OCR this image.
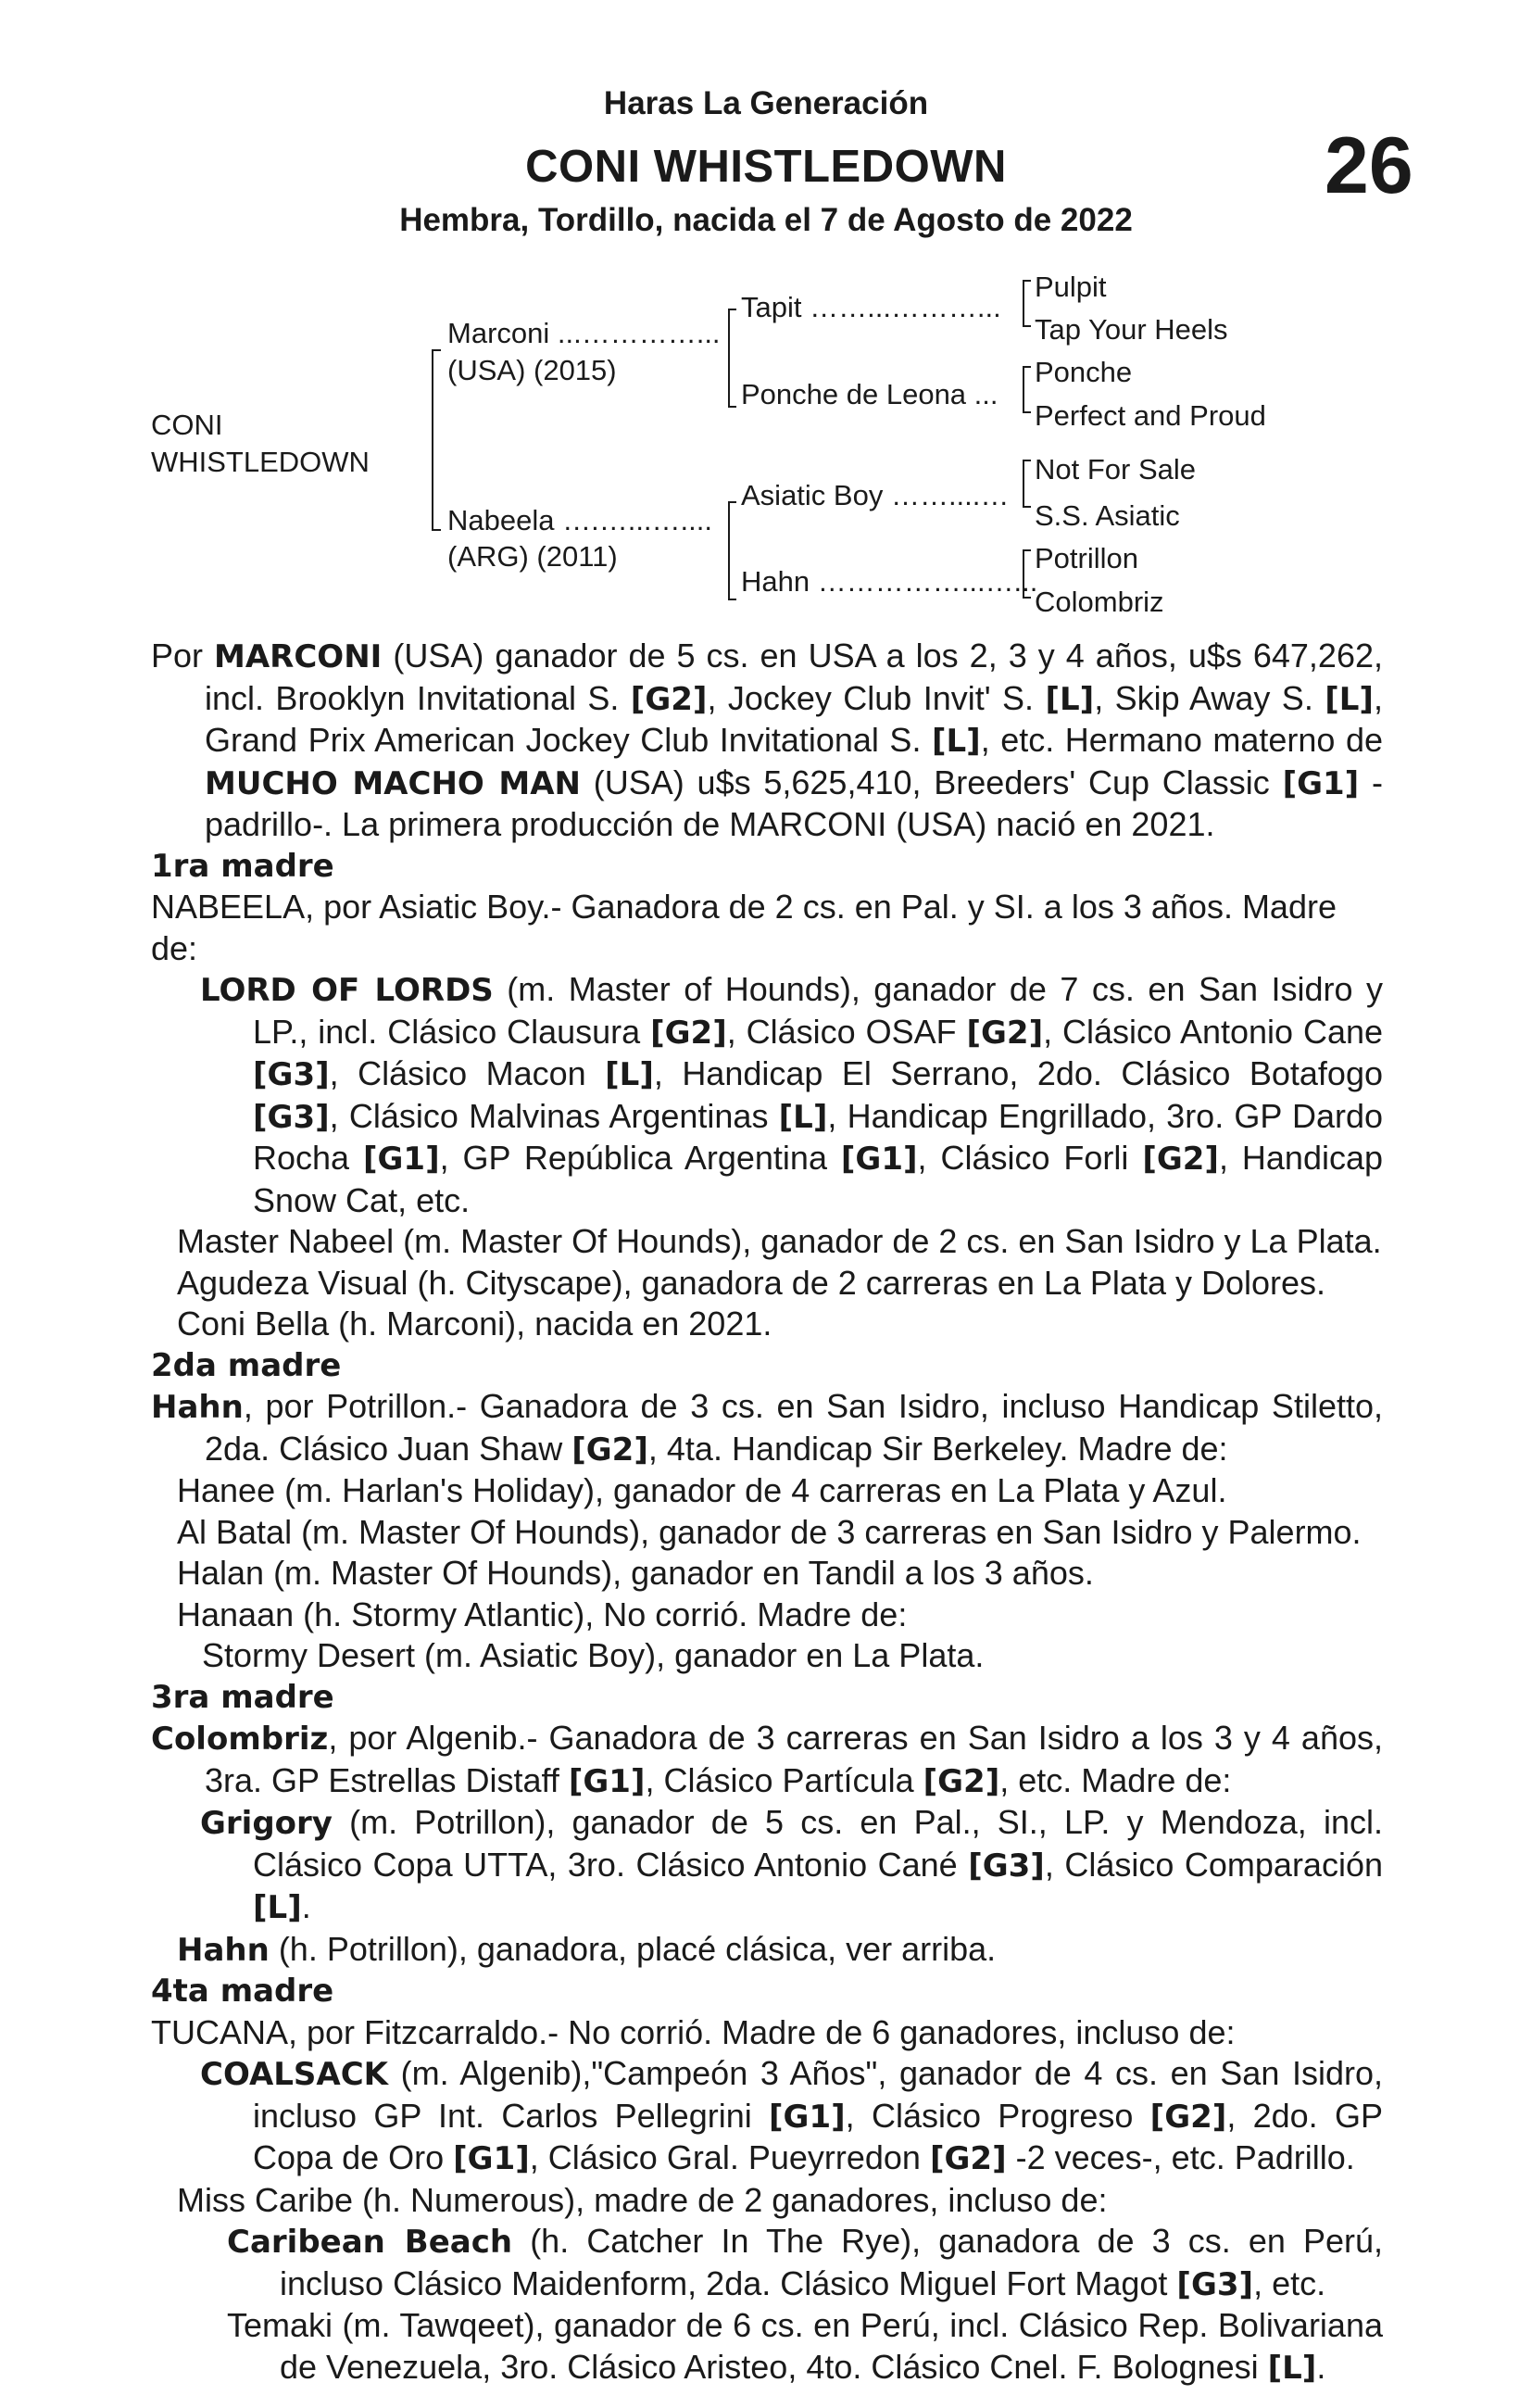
Haras La Generación
CONI WHISTLEDOWN	26
Hembra, Tordillo, nacida el 7 de Agosto de 2022
CONI
WHISTLEDOWN
Marconi ...…………...
(USA) (2015)
Nabeela ….…...…....
(ARG) (2011)
Tapit ……...………...
Ponche de Leona ...
Asiatic Boy ……....…
Hahn ……………...…...
Pulpit
Tap Your Heels
Ponche
Perfect and Proud
Not For Sale
S.S. Asiatic
Potrillon
Colombriz

Por MARCONI (USA) ganador de 5 cs. en USA a los 2, 3 y 4 años, u$s 647,262, incl. Brooklyn Invitational S. [G2], Jockey Club Invit' S. [L], Skip Away S. [L], Grand Prix American Jockey Club Invitational S. [L], etc. Hermano materno de MUCHO MACHO MAN (USA) u$s 5,625,410, Breeders' Cup Classic [G1] -padrillo-. La primera producción de MARCONI (USA) nació en 2021.

1ra madre

NABEELA, por Asiatic Boy.- Ganadora de 2 cs. en Pal. y SI. a los 3 años. Madre de:

LORD OF LORDS (m. Master of Hounds), ganador de 7 cs. en San Isidro y LP., incl. Clásico Clausura [G2], Clásico OSAF [G2], Clásico Antonio Cane [G3], Clásico Macon [L], Handicap El Serrano, 2do. Clásico Botafogo [G3], Clásico Malvinas Argentinas [L], Handicap Engrillado, 3ro. GP Dardo Rocha [G1], GP República Argentina [G1], Clásico Forli [G2], Handicap Snow Cat, etc.

Master Nabeel (m. Master Of Hounds), ganador de 2 cs. en San Isidro y La Plata.

Agudeza Visual (h. Cityscape), ganadora de 2 carreras en La Plata y Dolores.

Coni Bella (h. Marconi), nacida en 2021.

2da madre

Hahn, por Potrillon.- Ganadora de 3 cs. en San Isidro, incluso Handicap Stiletto, 2da. Clásico Juan Shaw [G2], 4ta. Handicap Sir Berkeley. Madre de:

Hanee (m. Harlan's Holiday), ganador de 4 carreras en La Plata y Azul.

Al Batal (m. Master Of Hounds), ganador de 3 carreras en San Isidro y Palermo.

Halan (m. Master Of Hounds), ganador en Tandil a los 3 años.

Hanaan (h. Stormy Atlantic), No corrió. Madre de:

Stormy Desert (m. Asiatic Boy), ganador en La Plata.

3ra madre

Colombriz, por Algenib.- Ganadora de 3 carreras en San Isidro a los 3 y 4 años, 3ra. GP Estrellas Distaff [G1], Clásico Partícula [G2], etc. Madre de:

Grigory (m. Potrillon), ganador de 5 cs. en Pal., SI., LP. y Mendoza, incl. Clásico Copa UTTA, 3ro. Clásico Antonio Cané [G3], Clásico Comparación [L].

Hahn (h. Potrillon), ganadora, placé clásica, ver arriba.

4ta madre

TUCANA, por Fitzcarraldo.- No corrió. Madre de 6 ganadores, incluso de:

COALSACK (m. Algenib),"Campeón 3 Años", ganador de 4 cs. en San Isidro, incluso GP Int. Carlos Pellegrini [G1], Clásico Progreso [G2], 2do. GP Copa de Oro [G1], Clásico Gral. Pueyrredon [G2] -2 veces-, etc. Padrillo.

Miss Caribe (h. Numerous), madre de 2 ganadores, incluso de:

Caribean Beach (h. Catcher In The Rye), ganadora de 3 cs. en Perú, incluso Clásico Maidenform, 2da. Clásico Miguel Fort Magot [G3], etc.

Temaki (m. Tawqeet), ganador de 6 cs. en Perú, incl. Clásico Rep. Bolivariana de Venezuela, 3ro. Clásico Aristeo, 4to. Clásico Cnel. F. Bolognesi [L].
